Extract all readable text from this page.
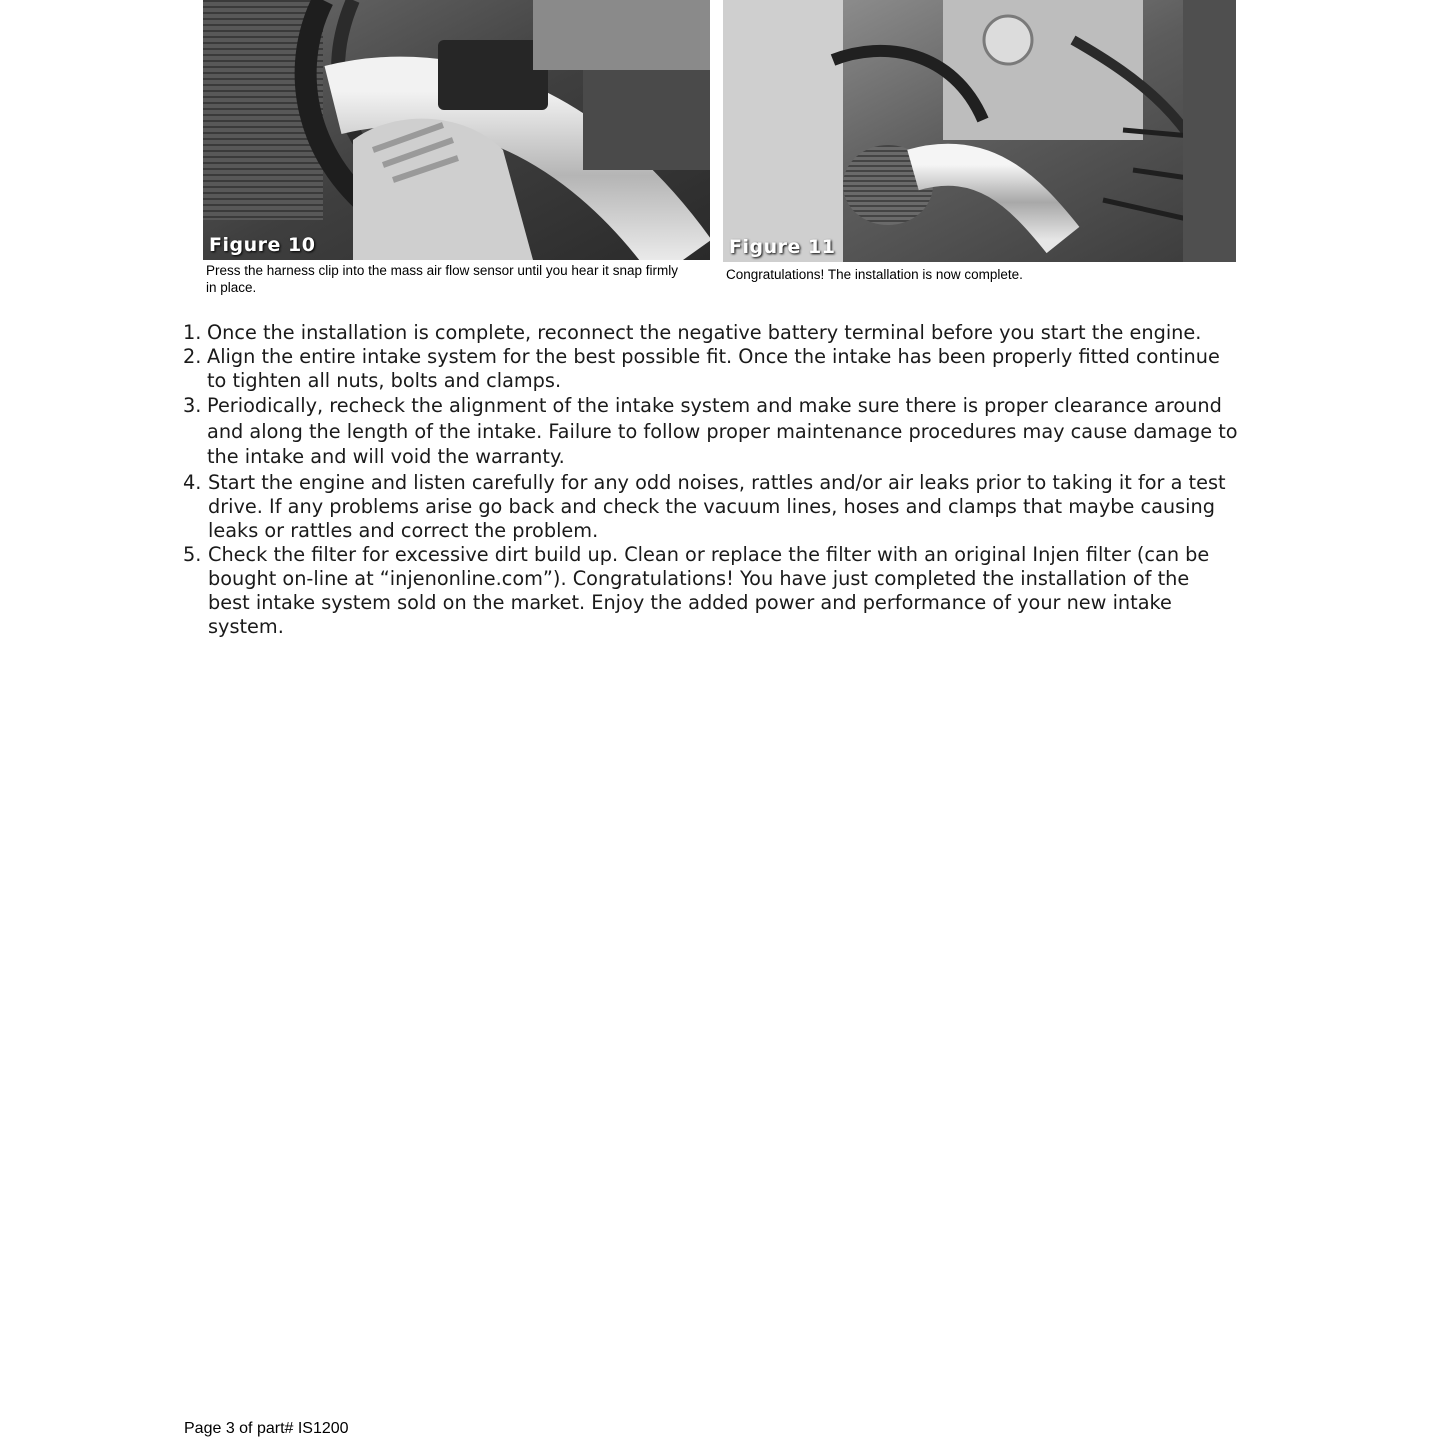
Figure 10
Press the harness clip into the mass air flow sensor until you hear it snap firmly in place.
Figure 11
Congratulations! The installation is now complete.
1. Once the installation is complete, reconnect the negative battery terminal before you start the engine.
2. Align the entire intake system for the best possible fit. Once the intake has been properly fitted continue to tighten all nuts, bolts and clamps.
3. Periodically, recheck the alignment of the intake system and make sure there is proper clearance around and along the length of the intake. Failure to follow proper maintenance procedures may cause damage to the intake and will void the warranty.
4. Start the engine and listen carefully for any odd noises, rattles and/or air leaks prior to taking it for a test drive. If any problems arise go back and check the vacuum lines, hoses and clamps that maybe causing leaks or rattles and correct the problem.
5. Check the filter for excessive dirt build up. Clean or replace the filter with an original Injen filter (can be bought on-line at “injenonline.com”). Congratulations! You have just completed the installation of the best intake system sold on the market. Enjoy the added power and performance of your new intake system.
Page 3 of part# IS1200
